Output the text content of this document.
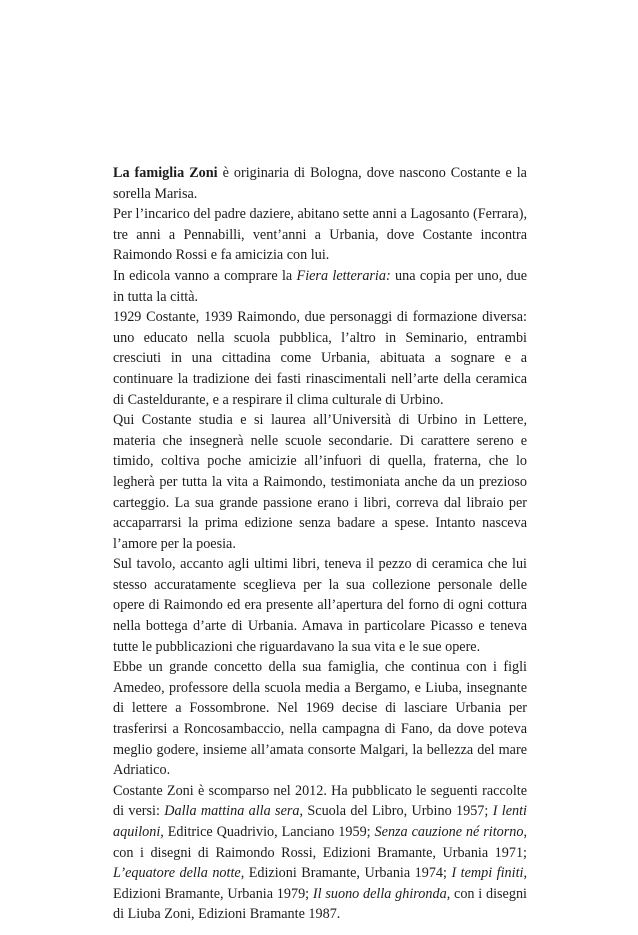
La famiglia Zoni è originaria di Bologna, dove nascono Costante e la sorella Marisa.

Per l’incarico del padre daziere, abitano sette anni a Lagosanto (Ferrara), tre anni a Pennabilli, vent’anni a Urbania, dove Costante incontra Raimondo Rossi e fa amicizia con lui.

In edicola vanno a comprare la Fiera letteraria: una copia per uno, due in tutta la città.

1929 Costante, 1939 Raimondo, due personaggi di formazione diversa: uno educato nella scuola pubblica, l’altro in Seminario, entrambi cresciuti in una cittadina come Urbania, abituata a sognare e a continuare la tradizione dei fasti rinascimentali nell’arte della ceramica di Casteldurante, e a respirare il clima culturale di Urbino.

Qui Costante studia e si laurea all’Università di Urbino in Lettere, materia che insegnerà nelle scuole secondarie. Di carattere sereno e timido, coltiva poche amicizie all’infuori di quella, fraterna, che lo legherà per tutta la vita a Raimondo, testimoniata anche da un prezioso carteggio. La sua grande passione erano i libri, correva dal libraio per accaparrarsi la prima edizione senza badare a spese. Intanto nasceva l’amore per la poesia.

Sul tavolo, accanto agli ultimi libri, teneva il pezzo di ceramica che lui stesso accuratamente sceglieva per la sua collezione personale delle opere di Raimondo ed era presente all’apertura del forno di ogni cottura nella bottega d’arte di Urbania. Amava in particolare Picasso e teneva tutte le pubblicazioni che riguardavano la sua vita e le sue opere.

Ebbe un grande concetto della sua famiglia, che continua con i figli Amedeo, professore della scuola media a Bergamo, e Liuba, insegnante di lettere a Fossombrone. Nel 1969 decise di lasciare Urbania per trasferirsi a Roncosambaccio, nella campagna di Fano, da dove poteva meglio godere, insieme all’amata consorte Malgari, la bellezza del mare Adriatico.

Costante Zoni è scomparso nel 2012. Ha pubblicato le seguenti raccolte di versi: Dalla mattina alla sera, Scuola del Libro, Urbino 1957; I lenti aquiloni, Editrice Quadrivio, Lanciano 1959; Senza cauzione né ritorno, con i disegni di Raimondo Rossi, Edizioni Bramante, Urbania 1971; L’equatore della notte, Edizioni Bramante, Urbania 1974; I tempi finiti, Edizioni Bramante, Urbania 1979; Il suono della ghironda, con i disegni di Liuba Zoni, Edizioni Bramante 1987.
